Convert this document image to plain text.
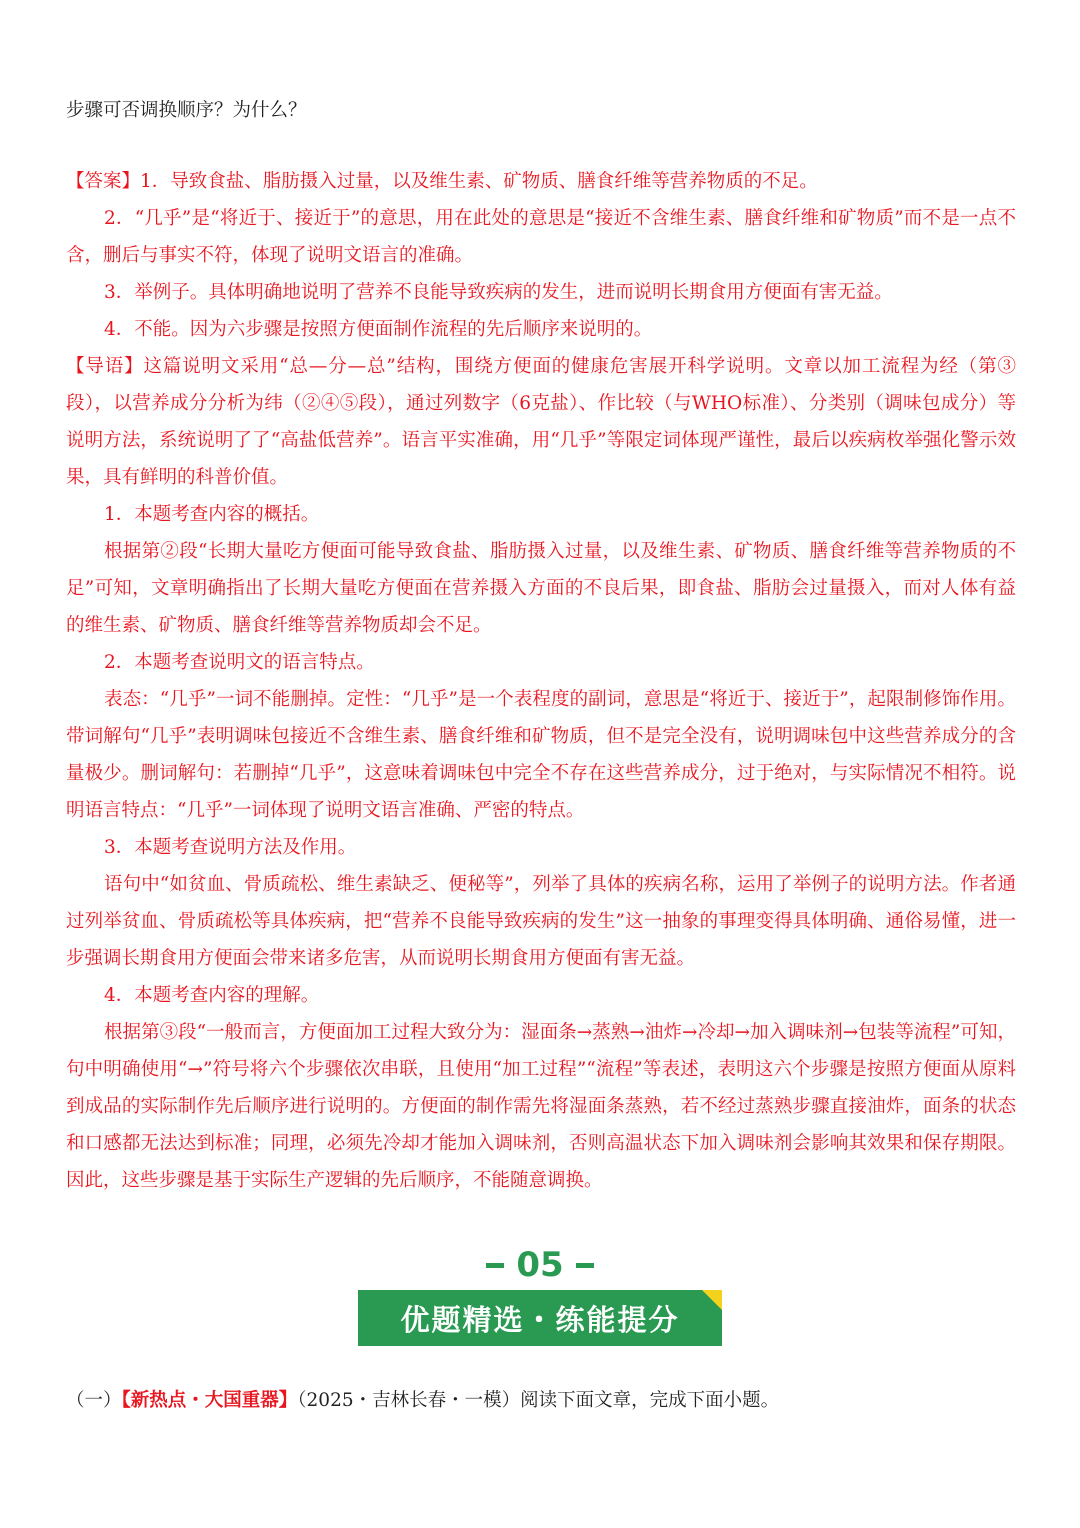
步骤可否调换顺序？为什么？

【答案】1．导致食盐、脂肪摄入过量，以及维生素、矿物质、膳食纤维等营养物质的不足。

2．“几乎”是“将近于、接近于”的意思，用在此处的意思是“接近不含维生素、膳食纤维和矿物质”而不是一点不含，删后与事实不符，体现了说明文语言的准确。

3．举例子。具体明确地说明了营养不良能导致疾病的发生，进而说明长期食用方便面有害无益。

4．不能。因为六步骤是按照方便面制作流程的先后顺序来说明的。

【导语】这篇说明文采用“总—分—总”结构，围绕方便面的健康危害展开科学说明。文章以加工流程为经（第③段），以营养成分分析为纬（②④⑤段），通过列数字（6克盐）、作比较（与WHO标准）、分类别（调味包成分）等说明方法，系统说明了了“高盐低营养”。语言平实准确，用“几乎”等限定词体现严谨性，最后以疾病枚举强化警示效果，具有鲜明的科普价值。

1．本题考查内容的概括。

根据第②段“长期大量吃方便面可能导致食盐、脂肪摄入过量，以及维生素、矿物质、膳食纤维等营养物质的不足”可知，文章明确指出了长期大量吃方便面在营养摄入方面的不良后果，即食盐、脂肪会过量摄入，而对人体有益的维生素、矿物质、膳食纤维等营养物质却会不足。

2．本题考查说明文的语言特点。

表态：“几乎”一词不能删掉。定性：“几乎”是一个表程度的副词，意思是“将近于、接近于”，起限制修饰作用。带词解句“几乎”表明调味包接近不含维生素、膳食纤维和矿物质，但不是完全没有，说明调味包中这些营养成分的含量极少。删词解句：若删掉“几乎”，这意味着调味包中完全不存在这些营养成分，过于绝对，与实际情况不相符。说明语言特点：“几乎”一词体现了说明文语言准确、严密的特点。

3．本题考查说明方法及作用。

语句中“如贫血、骨质疏松、维生素缺乏、便秘等”，列举了具体的疾病名称，运用了举例子的说明方法。作者通过列举贫血、骨质疏松等具体疾病，把“营养不良能导致疾病的发生”这一抽象的事理变得具体明确、通俗易懂，进一步强调长期食用方便面会带来诸多危害，从而说明长期食用方便面有害无益。

4．本题考查内容的理解。

根据第③段“一般而言，方便面加工过程大致分为：湿面条→蒸熟→油炸→冷却→加入调味剂→包装等流程”可知，句中明确使用“→”符号将六个步骤依次串联，且使用“加工过程”“流程”等表述，表明这六个步骤是按照方便面从原料到成品的实际制作先后顺序进行说明的。方便面的制作需先将湿面条蒸熟，若不经过蒸熟步骤直接油炸，面条的状态和口感都无法达到标准；同理，必须先冷却才能加入调味剂，否则高温状态下加入调味剂会影响其效果和保存期限。因此，这些步骤是基于实际生产逻辑的先后顺序，不能随意调换。

05
优题精选・练能提分

（一）【新热点・大国重器】（2025・吉林长春・一模）阅读下面文章，完成下面小题。
